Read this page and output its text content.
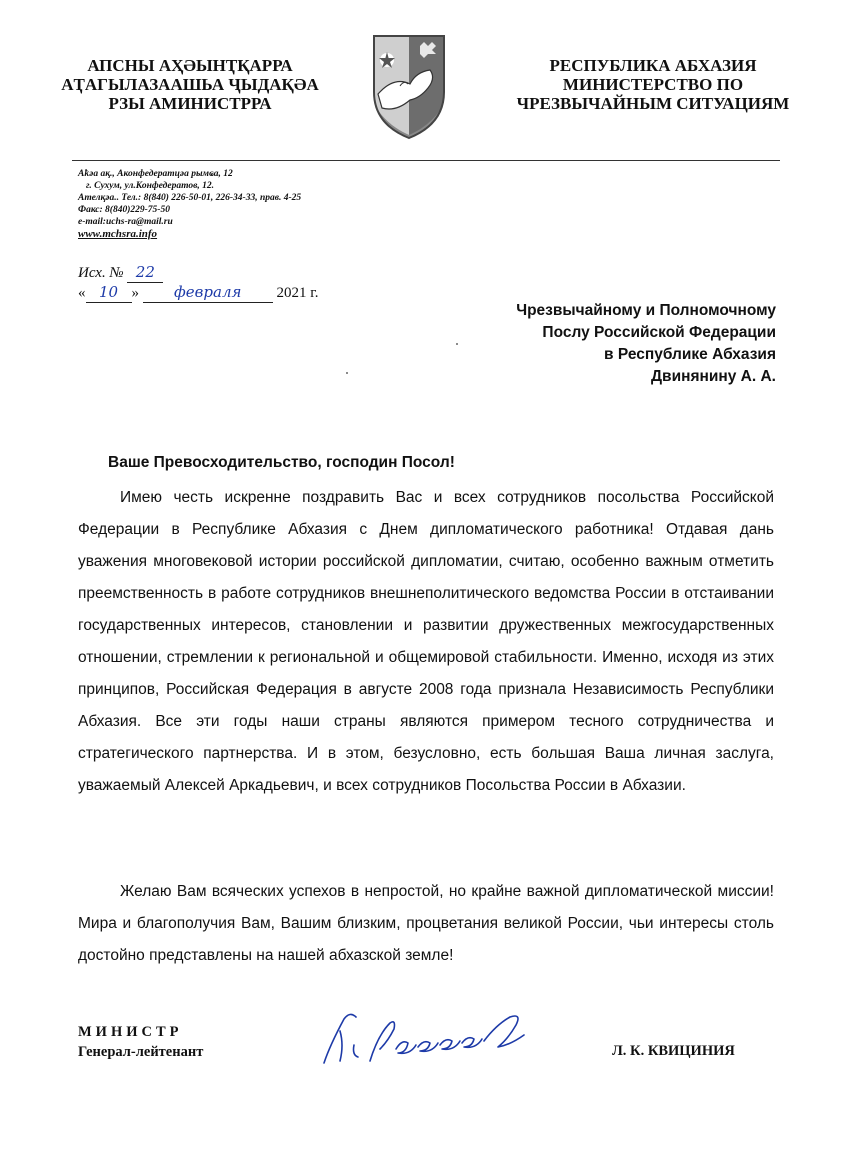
АПСНЫ АҲӘЫНҬҚАРРА
АҬАГЫЛАЗААШЬА ҶЫДАҚӘА
РЗЫ АМИНИСТРРА
РЕСПУБЛИКА АБХАЗИЯ
МИНИСТЕРСТВО ПО
ЧРЕЗВЫЧАЙНЫМ СИТУАЦИЯМ
Аҟәа ақ., Аконфедератцәа рымҩа, 12
г. Сухум, ул.Конфедератов, 12.
Ателқәа.. Тел.: 8(840) 226-50-01, 226-34-33, прав. 4-25
Факс: 8(840)229-75-50
e-mail:uchs-ra@mail.ru
www.mchsra.info
Исх. № 22
« 10 » февраля 2021 г.
Чрезвычайному и Полномочному
Послу Российской Федерации
в Республике Абхазия
Двинянину А. А.
Ваше Превосходительство, господин Посол!

Имею честь искренне поздравить Вас и всех сотрудников посольства Российской Федерации в Республике Абхазия с Днем дипломатического работника! Отдавая дань уважения многовековой истории российской дипломатии, считаю, особенно важным отметить преемственность в работе сотрудников внешнеполитического ведомства России в отстаивании государственных интересов, становлении и развитии дружественных межгосударственных отношении, стремлении к региональной и общемировой стабильности. Именно, исходя из этих принципов, Российская Федерация в августе 2008 года признала Независимость Республики Абхазия. Все эти годы наши страны являются примером тесного сотрудничества и стратегического партнерства. И в этом, безусловно, есть большая Ваша личная заслуга, уважаемый Алексей Аркадьевич, и всех сотрудников Посольства России в Абхазии.

Желаю Вам всяческих успехов в непростой, но крайне важной дипломатической миссии! Мира и благополучия Вам, Вашим близким, процветания великой России, чьи интересы столь достойно представлены на нашей абхазской земле!

МИНИСТР
Генерал-лейтенант	Л. К. КВИЦИНИЯ
